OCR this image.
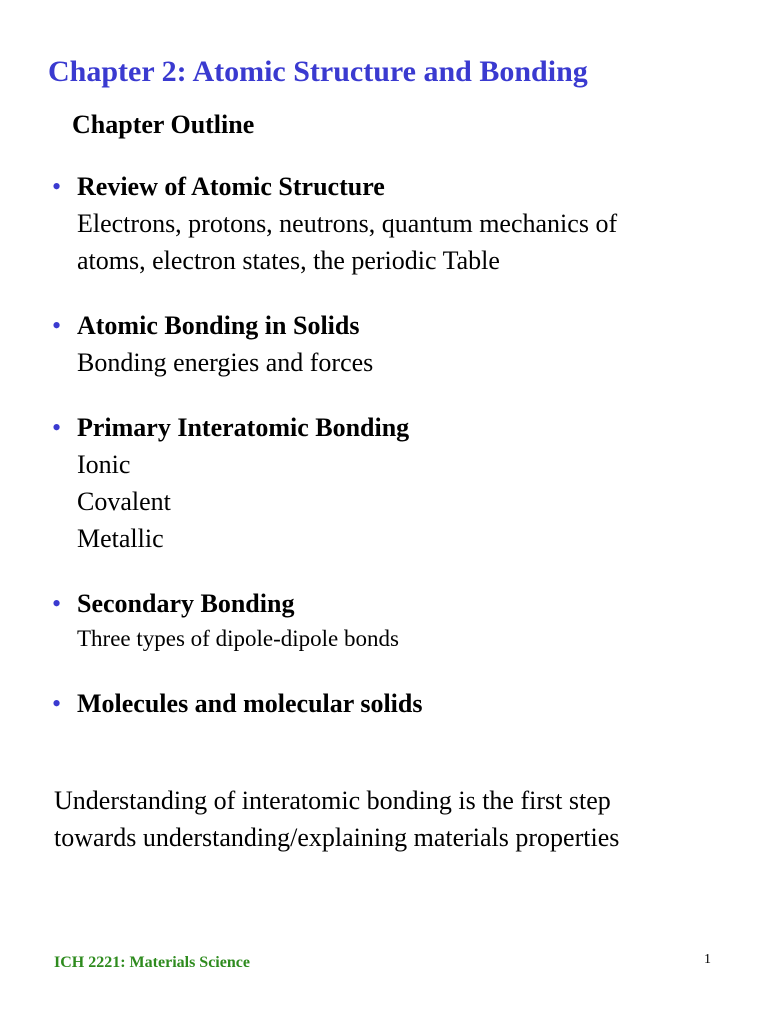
Chapter 2: Atomic Structure and Bonding
Chapter Outline
• Review of Atomic Structure
Electrons, protons, neutrons, quantum mechanics of
atoms, electron states, the periodic Table
• Atomic Bonding in Solids
Bonding energies and forces
• Primary Interatomic Bonding
Ionic
Covalent
Metallic
• Secondary Bonding
Three types of dipole-dipole bonds
• Molecules and molecular solids
Understanding of interatomic bonding is the first step
towards understanding/explaining materials properties
ICH 2221: Materials Science	1
